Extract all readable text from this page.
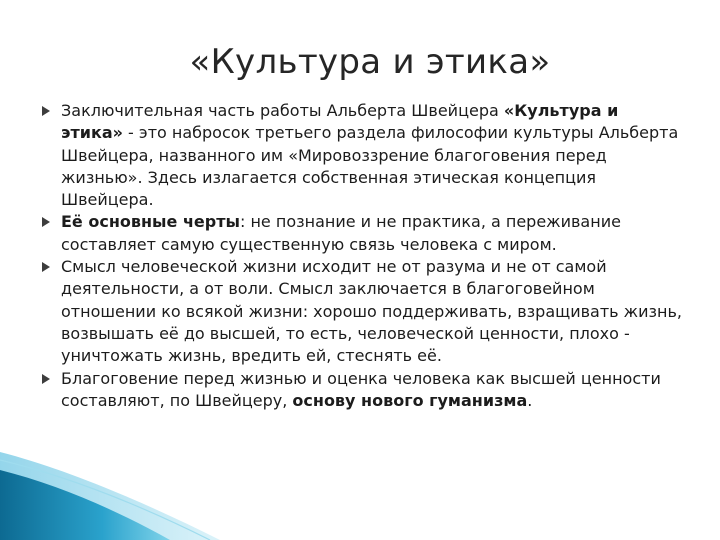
«Культура и этика»
Заключительная часть работы Альберта Швейцера «Культура и этика» - это набросок третьего раздела философии культуры Альберта Швейцера, названного им «Мировоззрение благоговения перед жизнью». Здесь излагается собственная этическая концепция Швейцера.
Её основные черты: не познание и не практика, а переживание составляет самую существенную связь человека с миром.
Смысл человеческой жизни исходит не от разума и не от самой деятельности, а от воли. Смысл заключается в благоговейном отношении ко всякой жизни: хорошо поддерживать, взращивать жизнь, возвышать её до высшей, то есть, человеческой ценности, плохо - уничтожать жизнь, вредить ей, стеснять её.
Благоговение перед жизнью и оценка человека как высшей ценности составляют, по Швейцеру, основу нового гуманизма.
